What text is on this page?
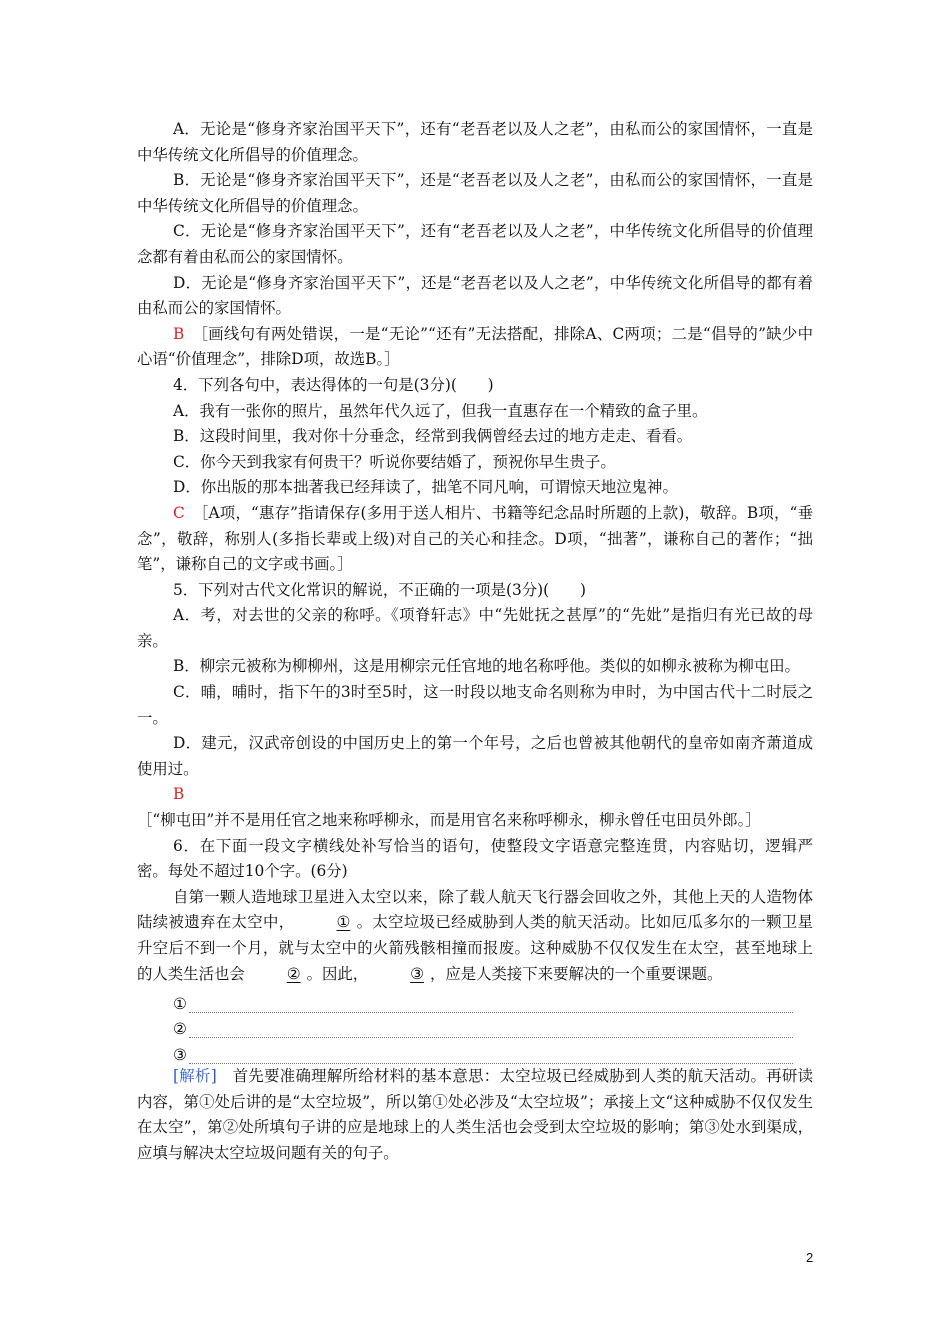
A．无论是“修身齐家治国平天下”，还有“老吾老以及人之老”，由私而公的家国情怀，一直是中华传统文化所倡导的价值理念。

B．无论是“修身齐家治国平天下”，还是“老吾老以及人之老”，由私而公的家国情怀，一直是中华传统文化所倡导的价值理念。

C．无论是“修身齐家治国平天下”，还有“老吾老以及人之老”，中华传统文化所倡导的价值理念都有着由私而公的家国情怀。

D．无论是“修身齐家治国平天下”，还是“老吾老以及人之老”，中华传统文化所倡导的都有着由私而公的家国情怀。

B　 ［画线句有两处错误，一是“无论”“还有”无法搭配，排除A、C两项；二是“倡导的”缺少中心语“价值理念”，排除D项，故选B。］

4．下列各句中，表达得体的一句是(3分)(　　)

A．我有一张你的照片，虽然年代久远了，但我一直惠存在一个精致的盒子里。

B．这段时间里，我对你十分垂念，经常到我俩曾经去过的地方走走、看看。

C．你今天到我家有何贵干？听说你要结婚了，预祝你早生贵子。

D．你出版的那本拙著我已经拜读了，拙笔不同凡响，可谓惊天地泣鬼神。

C　 ［A项，“惠存”指请保存(多用于送人相片、书籍等纪念品时所题的上款)，敬辞。B项，“垂念”，敬辞，称别人(多指长辈或上级)对自己的关心和挂念。D项，“拙著”，谦称自己的著作；“拙笔”，谦称自己的文字或书画。］

5．下列对古代文化常识的解说，不正确的一项是(3分)(　　)

A．考，对去世的父亲的称呼。《项脊轩志》中“先妣抚之甚厚”的“先妣”是指归有光已故的母亲。

B．柳宗元被称为柳柳州，这是用柳宗元任官地的地名称呼他。类似的如柳永被称为柳屯田。

C．晡，晡时，指下午的3时至5时，这一时段以地支命名则称为申时，为中国古代十二时辰之一。

D．建元，汉武帝创设的中国历史上的第一个年号，之后也曾被其他朝代的皇帝如南齐萧道成使用过。

B　［“柳屯田”并不是用任官之地来称呼柳永，而是用官名来称呼柳永，柳永曾任屯田员外郎。］

6．在下面一段文字横线处补写恰当的语句，使整段文字语意完整连贯，内容贴切，逻辑严密。每处不超过10个字。(6分)

自第一颗人造地球卫星进入太空以来，除了载人航天飞行器会回收之外，其他上天的人造物体陆续被遗弃在太空中，	① 。太空垃圾已经威胁到人类的航天活动。比如厄瓜多尔的一颗卫星升空后不到一个月，就与太空中的火箭残骸相撞而报废。这种威胁不仅仅发生在太空，甚至地球上的人类生活也会	② 。因此，	③ ，应是人类接下来要解决的一个重要课题。

①
②
③

[解析]　 首先要准确理解所给材料的基本意思：太空垃圾已经威胁到人类的航天活动。再研读内容，第①处后讲的是“太空垃圾”，所以第①处必涉及“太空垃圾”；承接上文“这种威胁不仅仅发生在太空”，第②处所填句子讲的应是地球上的人类生活也会受到太空垃圾的影响；第③处水到渠成，应填与解决太空垃圾问题有关的句子。

2
